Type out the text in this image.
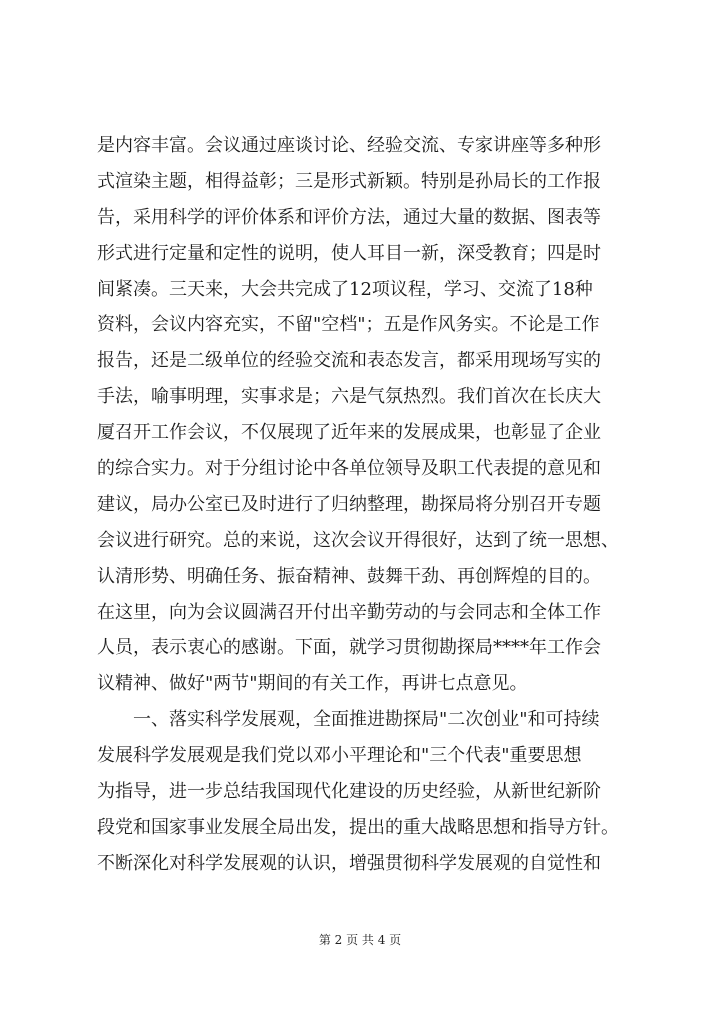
是内容丰富。会议通过座谈讨论、经验交流、专家讲座等多种形
式渲染主题，相得益彰；三是形式新颖。特别是孙局长的工作报
告，采用科学的评价体系和评价方法，通过大量的数据、图表等
形式进行定量和定性的说明，使人耳目一新，深受教育；四是时
间紧凑。三天来，大会共完成了12项议程，学习、交流了18种
资料，会议内容充实，不留"空档"；五是作风务实。不论是工作
报告，还是二级单位的经验交流和表态发言，都采用现场写实的
手法，喻事明理，实事求是；六是气氛热烈。我们首次在长庆大
厦召开工作会议，不仅展现了近年来的发展成果，也彰显了企业
的综合实力。对于分组讨论中各单位领导及职工代表提的意见和
建议，局办公室已及时进行了归纳整理，勘探局将分别召开专题
会议进行研究。总的来说，这次会议开得很好，达到了统一思想、
认清形势、明确任务、振奋精神、鼓舞干劲、再创辉煌的目的。
在这里，向为会议圆满召开付出辛勤劳动的与会同志和全体工作
人员，表示衷心的感谢。下面，就学习贯彻勘探局****年工作会
议精神、做好"两节"期间的有关工作，再讲七点意见。
　　一、落实科学发展观，全面推进勘探局"二次创业"和可持续
发展科学发展观是我们党以邓小平理论和"三个代表"重要思想
为指导，进一步总结我国现代化建设的历史经验，从新世纪新阶
段党和国家事业发展全局出发，提出的重大战略思想和指导方针。
不断深化对科学发展观的认识，增强贯彻科学发展观的自觉性和
第 2 页 共 4 页
